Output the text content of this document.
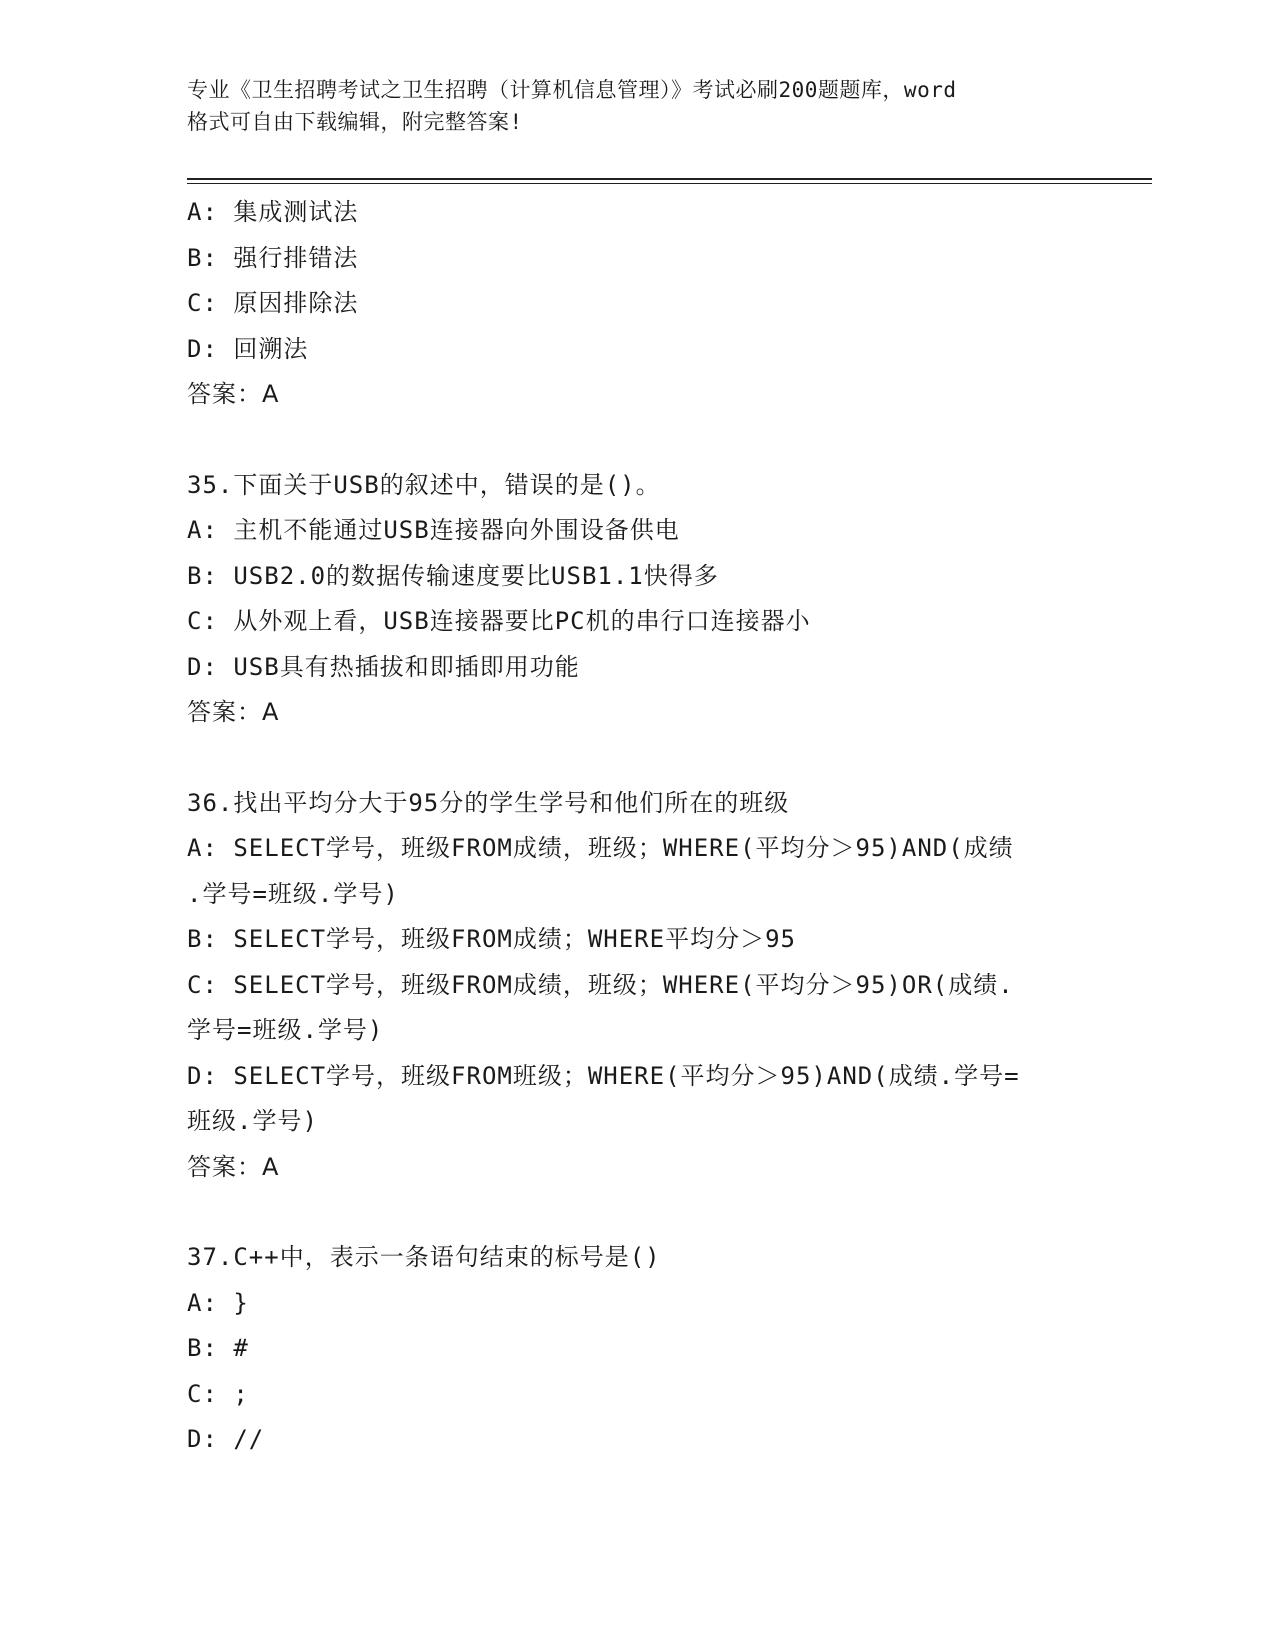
专业《卫生招聘考试之卫生招聘（计算机信息管理）》考试必刷200题题库，word
格式可自由下载编辑，附完整答案!
A: 集成测试法
B: 强行排错法
C: 原因排除法
D: 回溯法
答案：A
35.下面关于USB的叙述中，错误的是()。
A: 主机不能通过USB连接器向外围设备供电
B: USB2.0的数据传输速度要比USB1.1快得多
C: 从外观上看，USB连接器要比PC机的串行口连接器小
D: USB具有热插拔和即插即用功能
答案：A
36.找出平均分大于95分的学生学号和他们所在的班级
A: SELECT学号，班级FROM成绩，班级；WHERE(平均分＞95)AND(成绩
.学号=班级.学号)
B: SELECT学号，班级FROM成绩；WHERE平均分＞95
C: SELECT学号，班级FROM成绩，班级；WHERE(平均分＞95)OR(成绩.
学号=班级.学号)
D: SELECT学号，班级FROM班级；WHERE(平均分＞95)AND(成绩.学号=
班级.学号)
答案：A
37.C++中，表示一条语句结束的标号是()
A: }
B: #
C: ;
D: //
